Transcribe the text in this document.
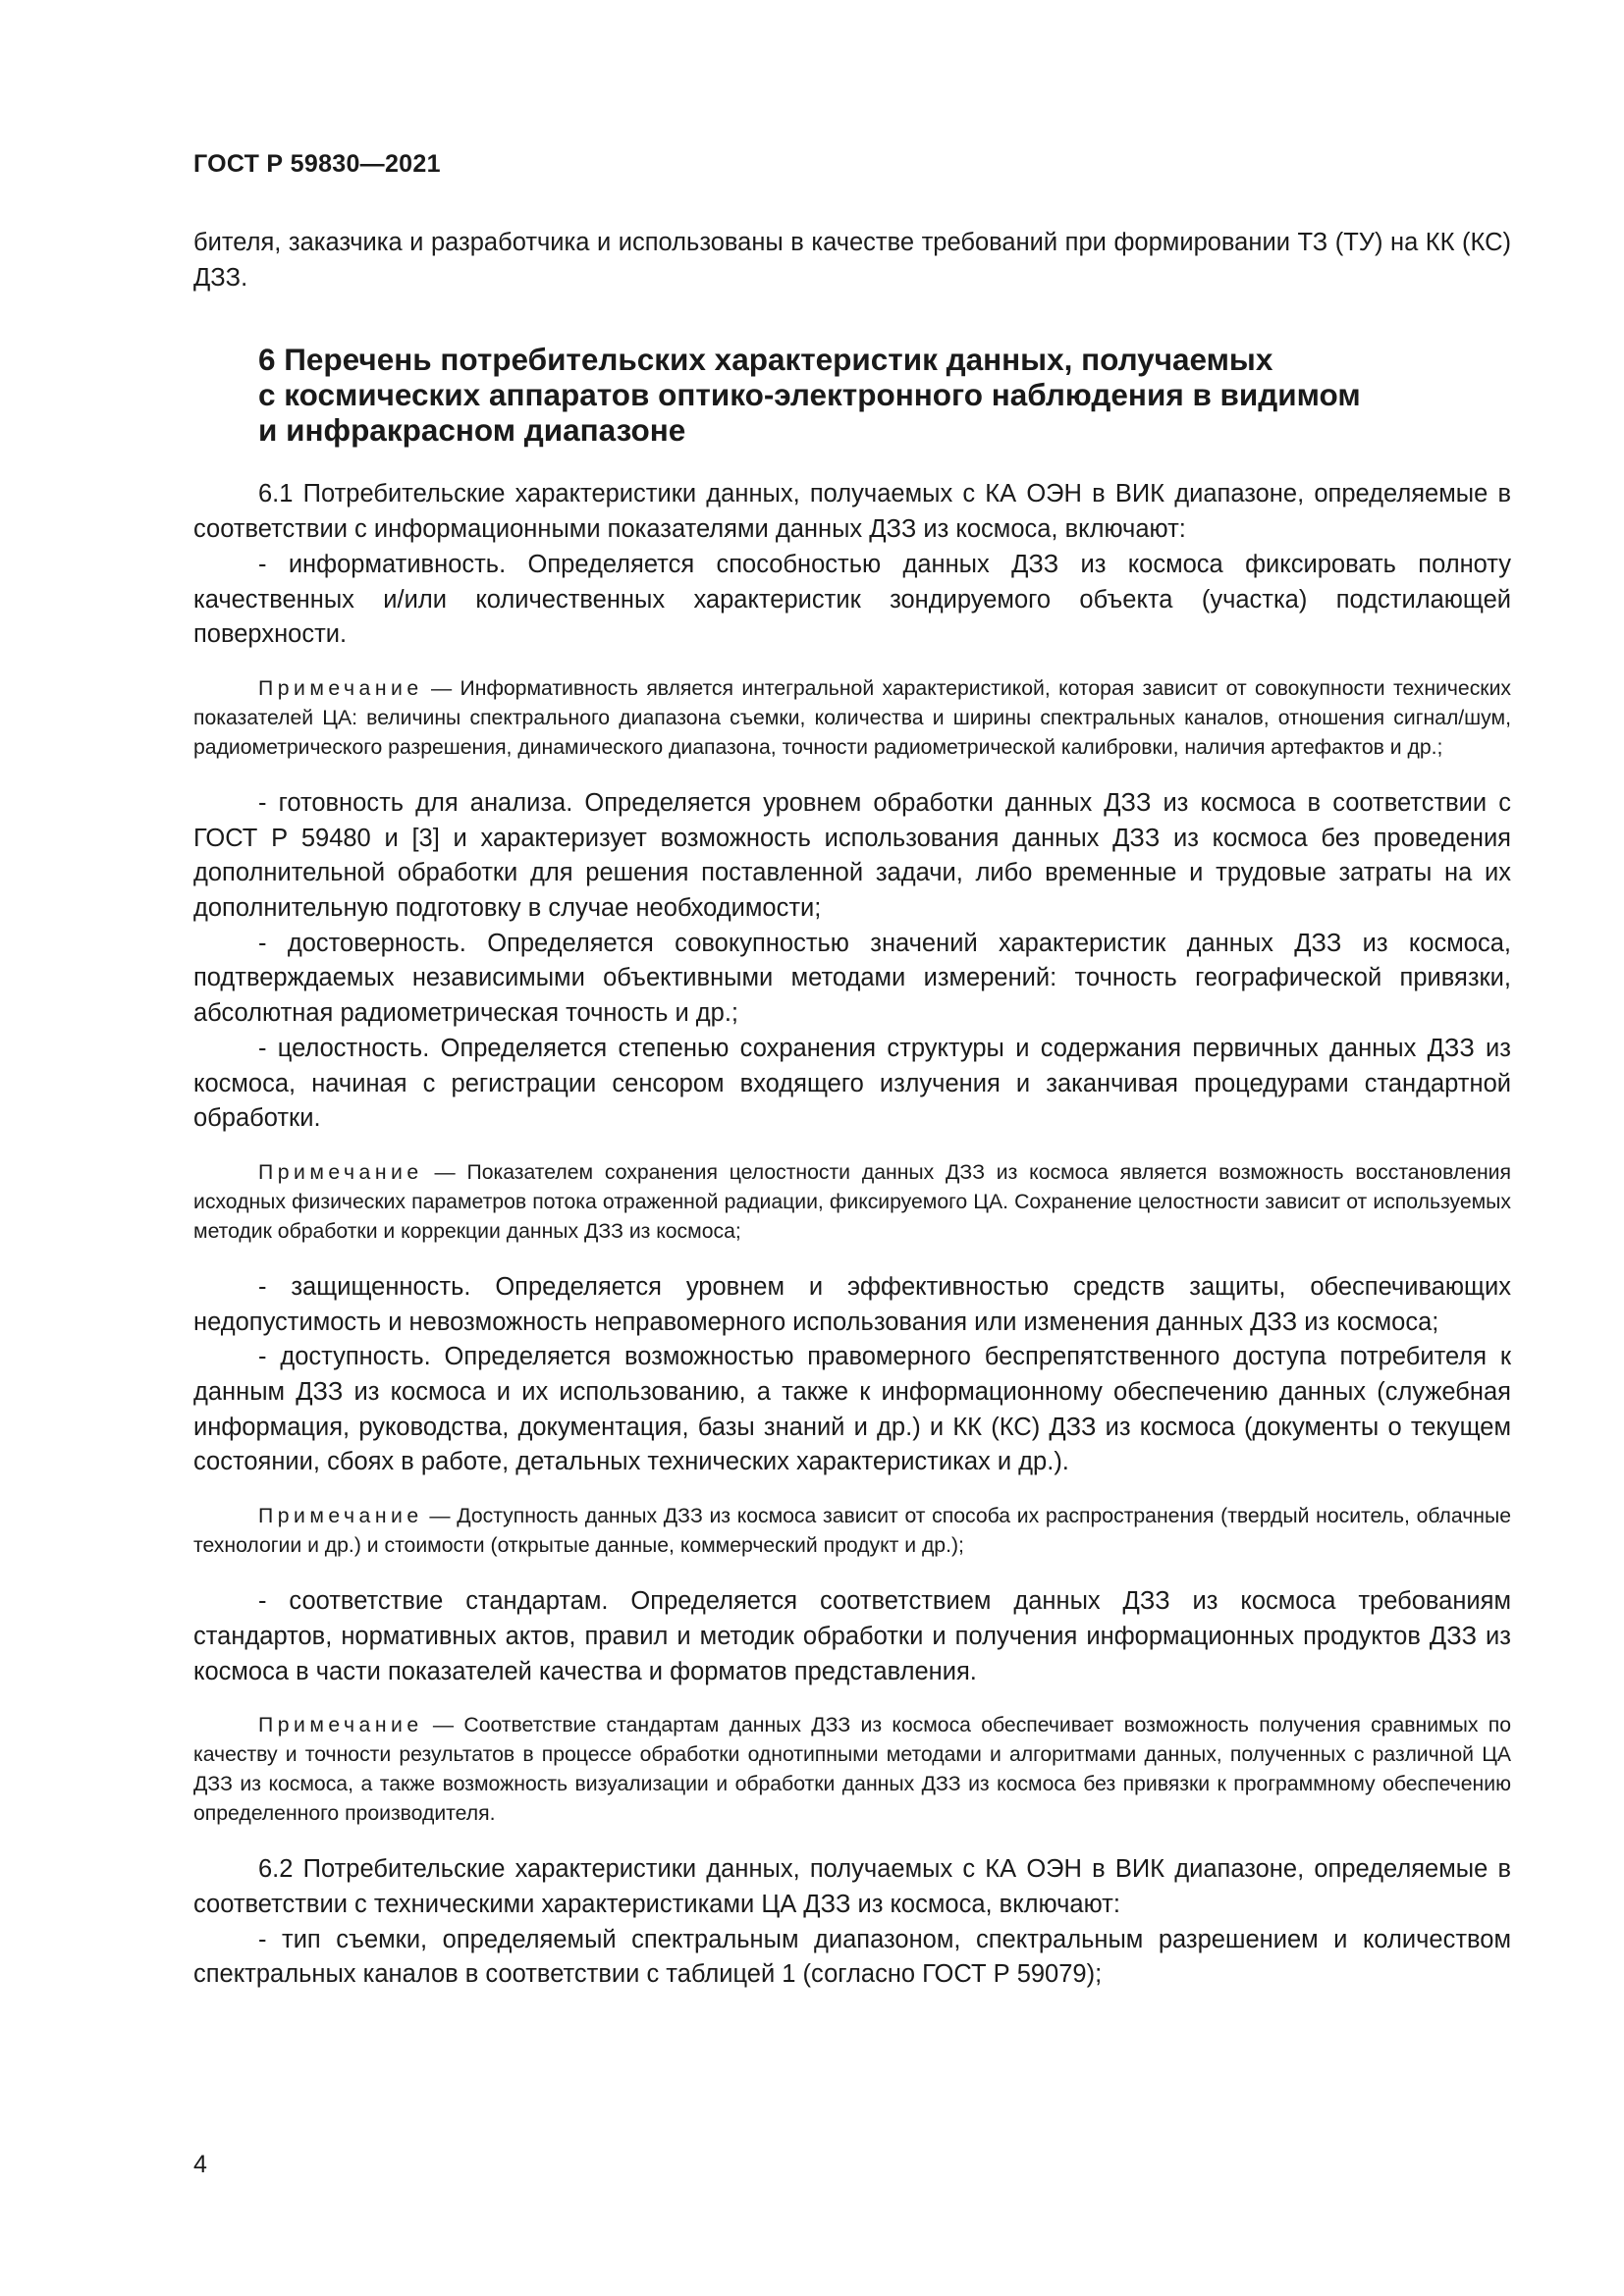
ГОСТ Р 59830—2021

бителя, заказчика и разработчика и использованы в качестве требований при формировании ТЗ (ТУ) на КК (КС) ДЗЗ.

6 Перечень потребительских характеристик данных, получаемых
с космических аппаратов оптико-электронного наблюдения в видимом
и инфракрасном диапазоне

6.1 Потребительские характеристики данных, получаемых с КА ОЭН в ВИК диапазоне, определяемые в соответствии с информационными показателями данных ДЗЗ из космоса, включают:

- информативность. Определяется способностью данных ДЗЗ из космоса фиксировать полноту качественных и/или количественных характеристик зондируемого объекта (участка) подстилающей поверхности.

Примечание — Информативность является интегральной характеристикой, которая зависит от совокупности технических показателей ЦА: величины спектрального диапазона съемки, количества и ширины спектральных каналов, отношения сигнал/шум, радиометрического разрешения, динамического диапазона, точности радиометрической калибровки, наличия артефактов и др.;

- готовность для анализа. Определяется уровнем обработки данных ДЗЗ из космоса в соответствии с ГОСТ Р 59480 и [3] и характеризует возможность использования данных ДЗЗ из космоса без проведения дополнительной обработки для решения поставленной задачи, либо временные и трудовые затраты на их дополнительную подготовку в случае необходимости;

- достоверность. Определяется совокупностью значений характеристик данных ДЗЗ из космоса, подтверждаемых независимыми объективными методами измерений: точность географической привязки, абсолютная радиометрическая точность и др.;

- целостность. Определяется степенью сохранения структуры и содержания первичных данных ДЗЗ из космоса, начиная с регистрации сенсором входящего излучения и заканчивая процедурами стандартной обработки.

Примечание — Показателем сохранения целостности данных ДЗЗ из космоса является возможность восстановления исходных физических параметров потока отраженной радиации, фиксируемого ЦА. Сохранение целостности зависит от используемых методик обработки и коррекции данных ДЗЗ из космоса;

- защищенность. Определяется уровнем и эффективностью средств защиты, обеспечивающих недопустимость и невозможность неправомерного использования или изменения данных ДЗЗ из космоса;

- доступность. Определяется возможностью правомерного беспрепятственного доступа потребителя к данным ДЗЗ из космоса и их использованию, а также к информационному обеспечению данных (служебная информация, руководства, документация, базы знаний и др.) и КК (КС) ДЗЗ из космоса (документы о текущем состоянии, сбоях в работе, детальных технических характеристиках и др.).

Примечание — Доступность данных ДЗЗ из космоса зависит от способа их распространения (твердый носитель, облачные технологии и др.) и стоимости (открытые данные, коммерческий продукт и др.);

- соответствие стандартам. Определяется соответствием данных ДЗЗ из космоса требованиям стандартов, нормативных актов, правил и методик обработки и получения информационных продуктов ДЗЗ из космоса в части показателей качества и форматов представления.

Примечание — Соответствие стандартам данных ДЗЗ из космоса обеспечивает возможность получения сравнимых по качеству и точности результатов в процессе обработки однотипными методами и алгоритмами данных, полученных с различной ЦА ДЗЗ из космоса, а также возможность визуализации и обработки данных ДЗЗ из космоса без привязки к программному обеспечению определенного производителя.

6.2 Потребительские характеристики данных, получаемых с КА ОЭН в ВИК диапазоне, определяемые в соответствии с техническими характеристиками ЦА ДЗЗ из космоса, включают:

- тип съемки, определяемый спектральным диапазоном, спектральным разрешением и количеством спектральных каналов в соответствии с таблицей 1 (согласно ГОСТ Р 59079);

4
